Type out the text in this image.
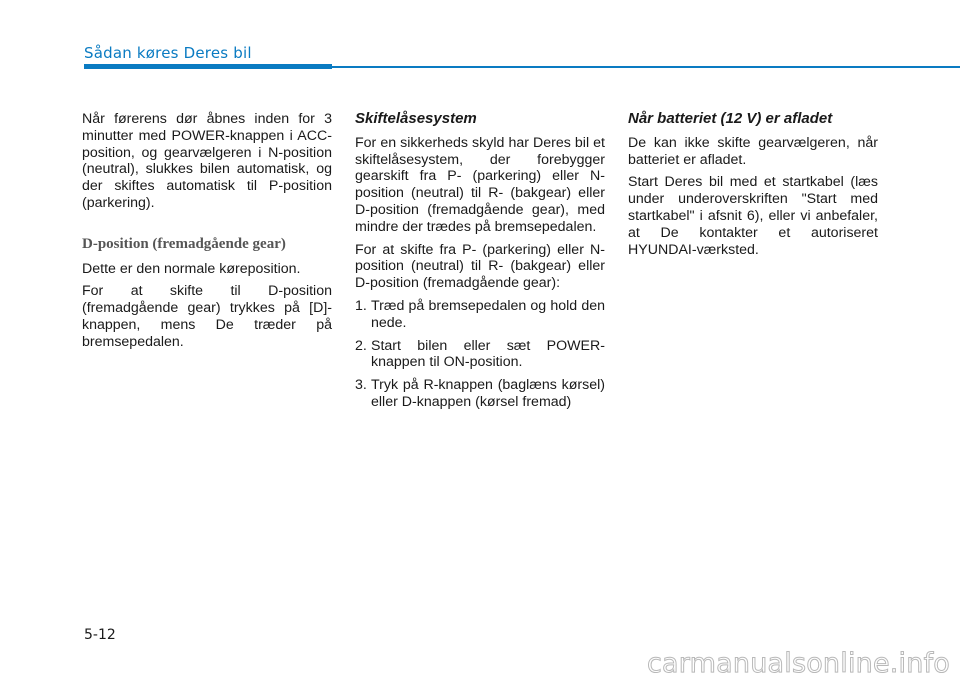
Sådan køres Deres bil

Når førerens dør åbnes inden for 3 minutter med POWER-knappen i ACC-position, og gearvælgeren i N-position (neutral), slukkes bilen automatisk, og der skiftes automatisk til P-position (parkering).

D-position (fremadgående gear)

Dette er den normale køreposition.

For at skifte til D-position (fremadgående gear) trykkes på [D]-knappen, mens De træder på bremsepedalen.

Skiftelåsesystem

For en sikkerheds skyld har Deres bil et skiftelåsesystem, der forebygger gearskift fra P- (parkering) eller N-position (neutral) til R- (bakgear) eller D-position (fremadgående gear), med mindre der trædes på bremsepedalen.

For at skifte fra P- (parkering) eller N-position (neutral) til R- (bakgear) eller D-position (fremadgående gear):

1. Træd på bremsepedalen og hold den nede.
2. Start bilen eller sæt POWER-knappen til ON-position.
3. Tryk på R-knappen (baglæns kørsel) eller D-knappen (kørsel fremad)
Når batteriet (12 V) er afladet

De kan ikke skifte gearvælgeren, når batteriet er afladet.

Start Deres bil med et startkabel (læs under underoverskriften "Start med startkabel" i afsnit 6), eller vi anbefaler, at De kontakter et autoriseret HYUNDAI-værksted.

5-12
carmanualsonline.info
